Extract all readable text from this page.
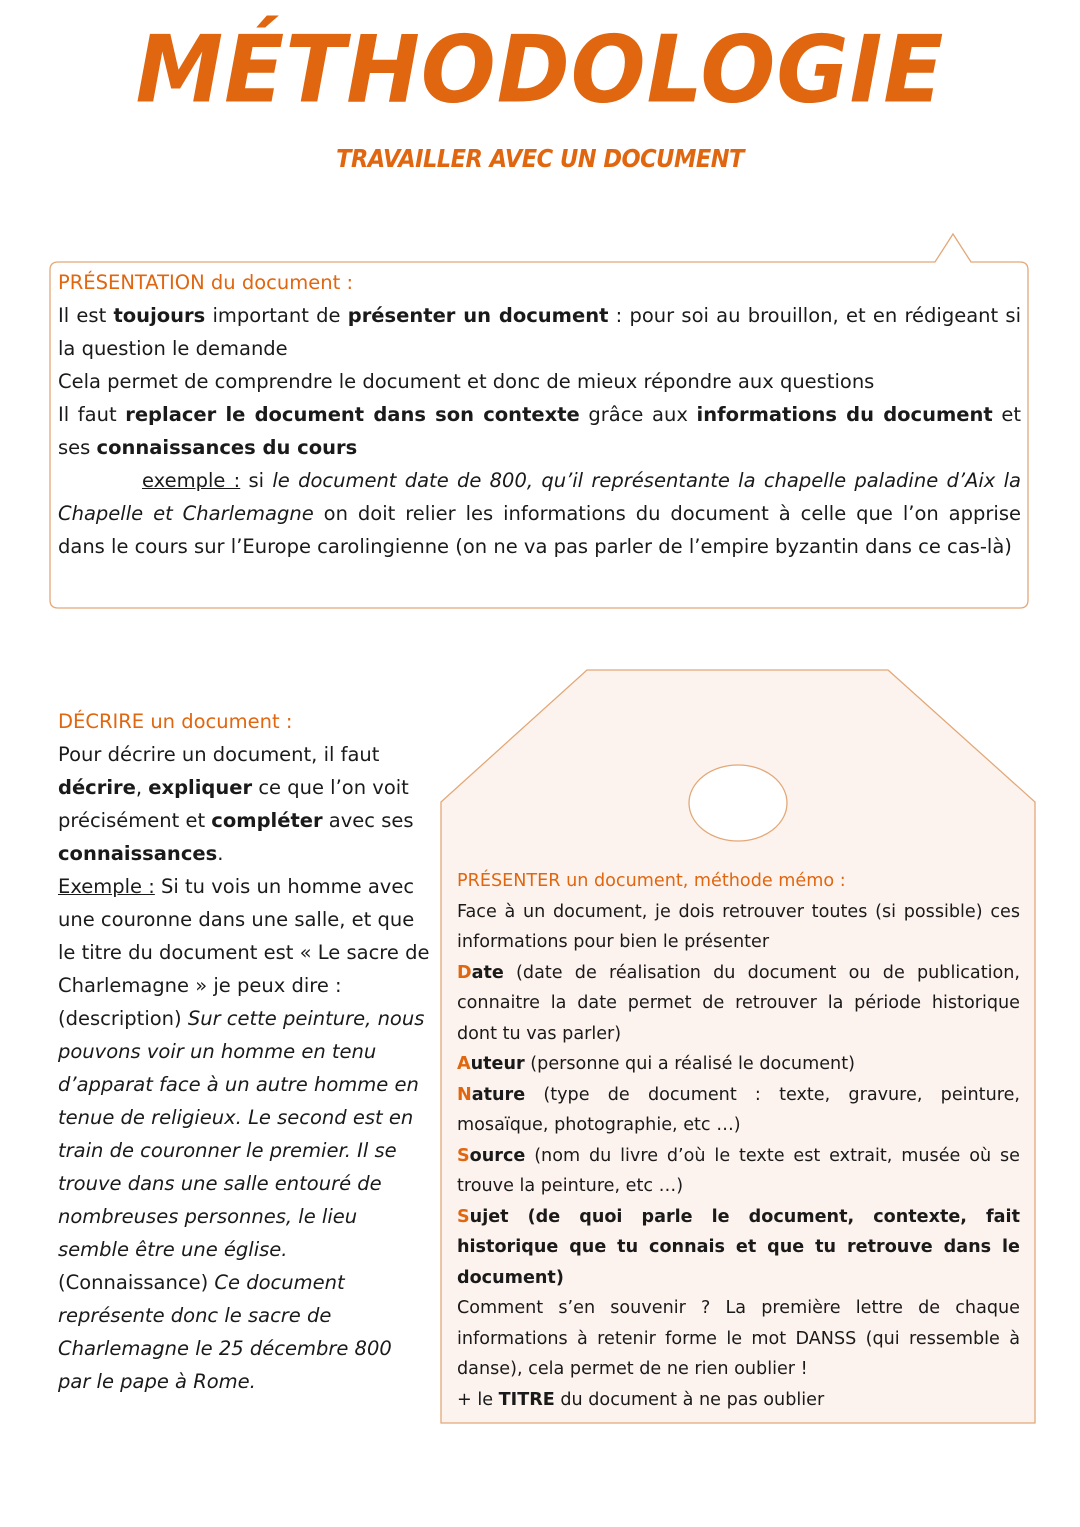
MÉTHODOLOGIE
TRAVAILLER AVEC UN DOCUMENT

PRÉSENTATION du document :

Il est toujours important de présenter un document : pour soi au brouillon, et en rédigeant si la question le demande

Cela permet de comprendre le document et donc de mieux répondre aux questions

Il faut replacer le document dans son contexte grâce aux informations du document et ses connaissances du cours

exemple : si le document date de 800, qu’il représentante la chapelle paladine d’Aix la Chapelle et Charlemagne on doit relier les informations du document à celle que l’on apprise dans le cours sur l’Europe carolingienne (on ne va pas parler de l’empire byzantin dans ce cas-là)

DÉCRIRE un document :

Pour décrire un document, il faut décrire, expliquer ce que l’on voit précisément et compléter avec ses connaissances.

Exemple : Si tu vois un homme avec une couronne dans une salle, et que le titre du document est « Le sacre de Charlemagne » je peux dire : (description) Sur cette peinture, nous pouvons voir un homme en tenu d’apparat face à un autre homme en tenue de religieux. Le second est en train de couronner le premier. Il se trouve dans une salle entouré de nombreuses personnes, le lieu semble être une église. (Connaissance) Ce document représente donc le sacre de Charlemagne le 25 décembre 800 par le pape à Rome.

PRÉSENTER un document, méthode mémo :

Face à un document, je dois retrouver toutes (si possible) ces informations pour bien le présenter

Date (date de réalisation du document ou de publication, connaitre la date permet de retrouver la période historique dont tu vas parler)

Auteur (personne qui a réalisé le document)

Nature (type de document : texte, gravure, peinture, mosaïque, photographie, etc …)

Source (nom du livre d’où le texte est extrait, musée où se trouve la peinture, etc …)

Sujet (de quoi parle le document, contexte, fait historique que tu connais et que tu retrouve dans le document)

Comment s’en souvenir ? La première lettre de chaque informations à retenir forme le mot DANSS (qui ressemble à danse), cela permet de ne rien oublier !

+ le TITRE du document à ne pas oublier
